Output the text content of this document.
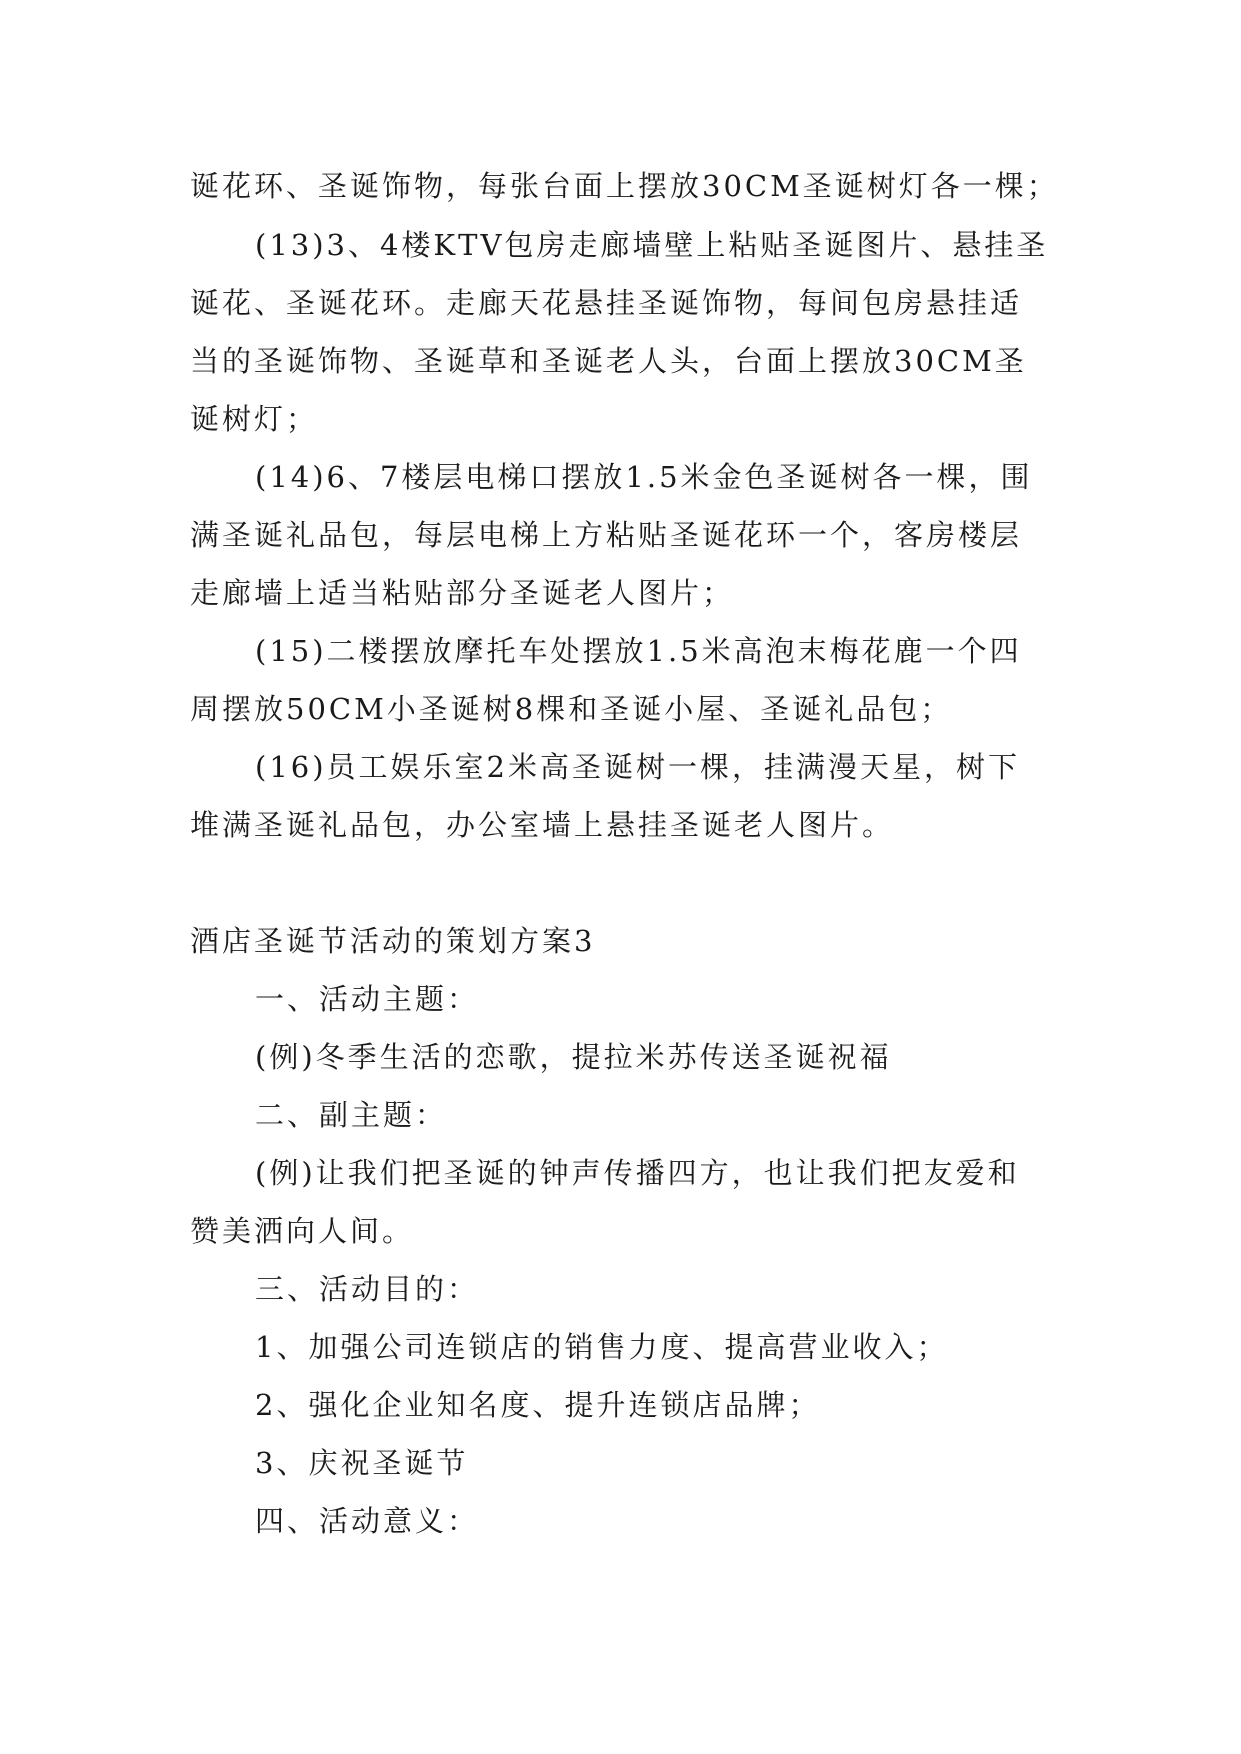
诞花环、圣诞饰物，每张台面上摆放30CM圣诞树灯各一棵；
(13)3、4楼KTV包房走廊墙壁上粘贴圣诞图片、悬挂圣
诞花、圣诞花环。走廊天花悬挂圣诞饰物，每间包房悬挂适
当的圣诞饰物、圣诞草和圣诞老人头，台面上摆放30CM圣
诞树灯；
(14)6、7楼层电梯口摆放1.5米金色圣诞树各一棵，围
满圣诞礼品包，每层电梯上方粘贴圣诞花环一个，客房楼层
走廊墙上适当粘贴部分圣诞老人图片；
(15)二楼摆放摩托车处摆放1.5米高泡末梅花鹿一个四
周摆放50CM小圣诞树8棵和圣诞小屋、圣诞礼品包；
(16)员工娱乐室2米高圣诞树一棵，挂满漫天星，树下
堆满圣诞礼品包，办公室墙上悬挂圣诞老人图片。
酒店圣诞节活动的策划方案3
一、活动主题：
(例)冬季生活的恋歌，提拉米苏传送圣诞祝福
二、副主题：
(例)让我们把圣诞的钟声传播四方，也让我们把友爱和
赞美洒向人间。
三、活动目的：
1、加强公司连锁店的销售力度、提高营业收入；
2、强化企业知名度、提升连锁店品牌；
3、庆祝圣诞节
四、活动意义：
